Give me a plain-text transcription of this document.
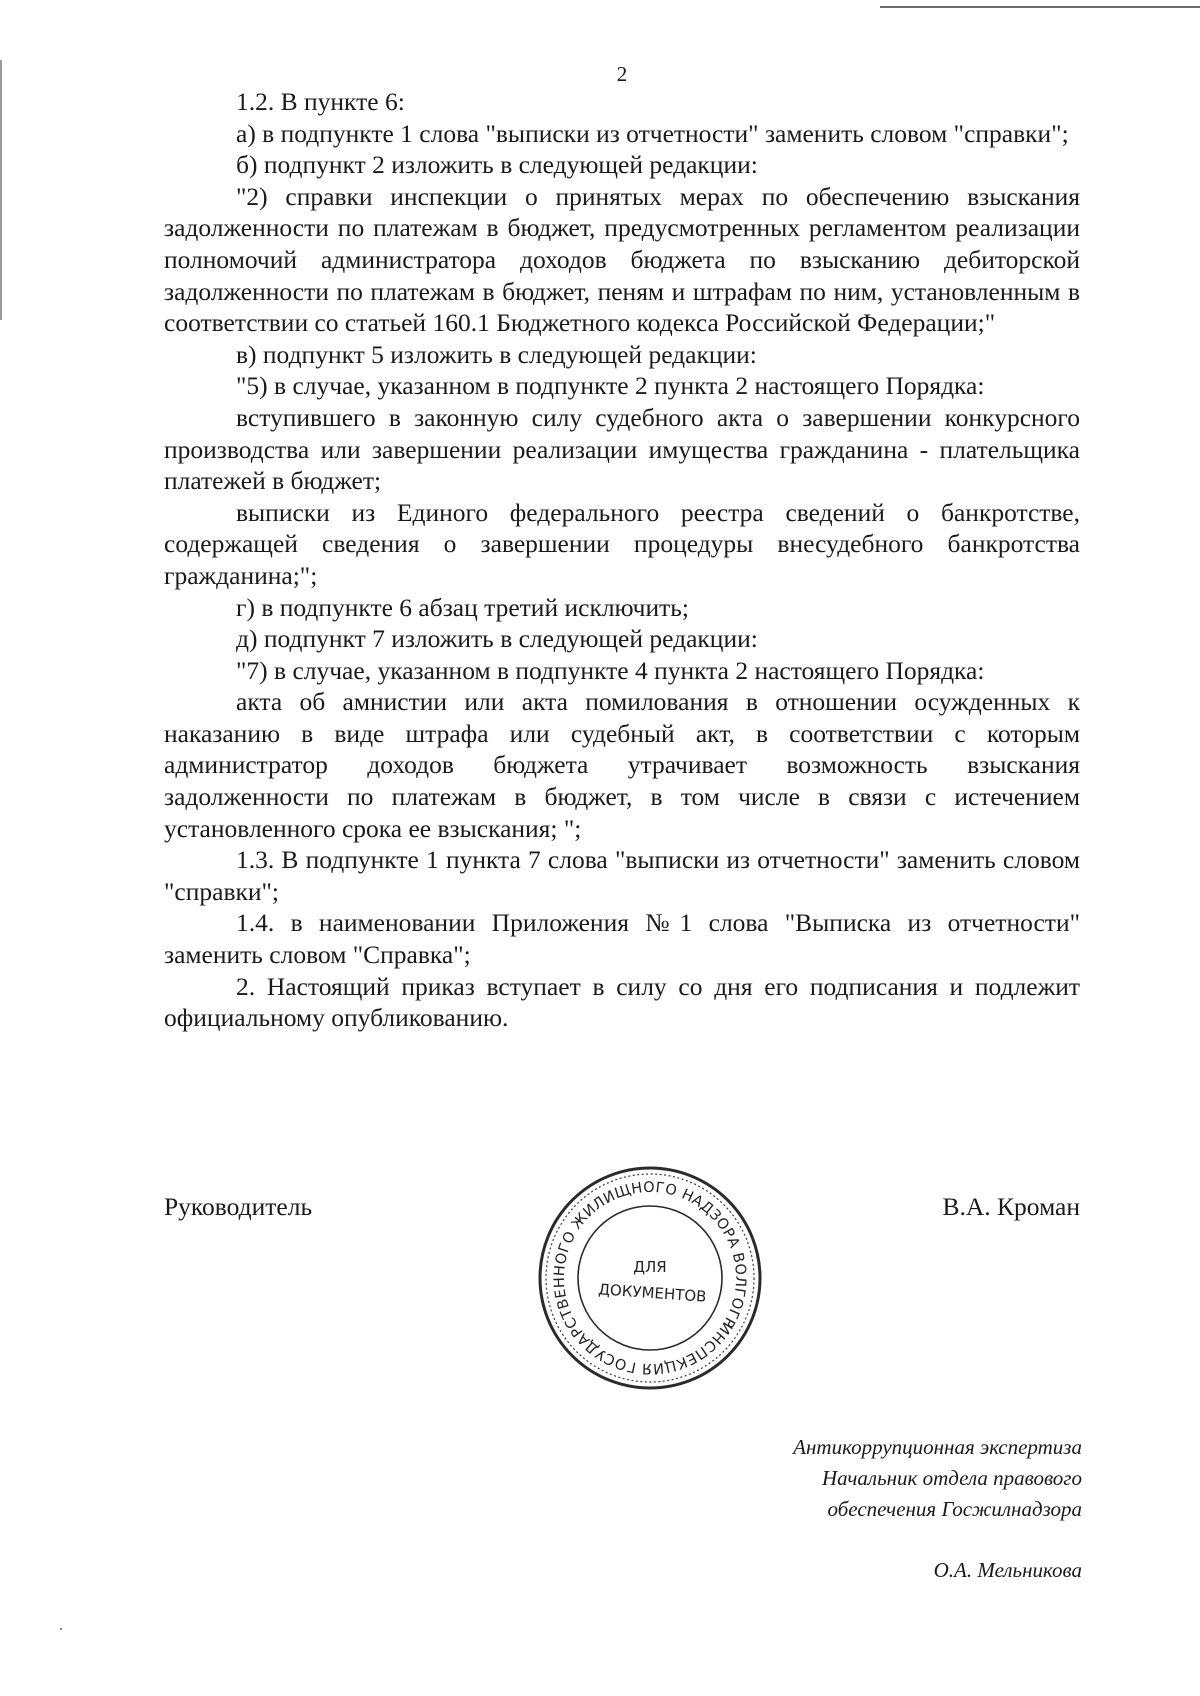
2

1.2. В пункте 6:

а) в подпункте 1 слова "выписки из отчетности" заменить словом "справки";

б) подпункт 2 изложить в следующей редакции:

"2) справки инспекции о принятых мерах по обеспечению взыскания задолженности по платежам в бюджет, предусмотренных регламентом реализации полномочий администратора доходов бюджета по взысканию дебиторской задолженности по платежам в бюджет, пеням и штрафам по ним, установленным в соответствии со статьей 160.1 Бюджетного кодекса Российской Федерации;"

в) подпункт 5 изложить в следующей редакции:

"5) в случае, указанном в подпункте 2 пункта 2 настоящего Порядка:

вступившего в законную силу судебного акта о завершении конкурсного производства или завершении реализации имущества гражданина - плательщика платежей в бюджет;

выписки из Единого федерального реестра сведений о банкротстве, содержащей сведения о завершении процедуры внесудебного банкротства гражданина;";

г) в подпункте 6 абзац третий исключить;

д) подпункт 7 изложить в следующей редакции:

"7) в случае, указанном в подпункте 4 пункта 2 настоящего Порядка:

акта об амнистии или акта помилования в отношении осужденных к наказанию в виде штрафа или судебный акт, в соответствии с которым администратор доходов бюджета утрачивает возможность взыскания задолженности по платежам в бюджет, в том числе в связи с истечением установленного срока ее взыскания; ";

1.3. В подпункте 1 пункта 7 слова "выписки из отчетности" заменить словом "справки";

1.4. в наименовании Приложения №1 слова "Выписка из отчетности" заменить словом "Справка";

2. Настоящий приказ вступает в силу со дня его подписания и подлежит официальному опубликованию.

Руководитель	В.А. Кроман
ИНСПЕКЦИЯ ГОСУДАРСТВЕННОГО ЖИЛИЩНОГО НАДЗОРА ВОЛГОГРАДСКОЙ
ДЛЯ
ДОКУМЕНТОВ
Антикоррупционная экспертиза
Начальник отдела правового
обеспечения Госжилнадзора
О.А. Мельникова
